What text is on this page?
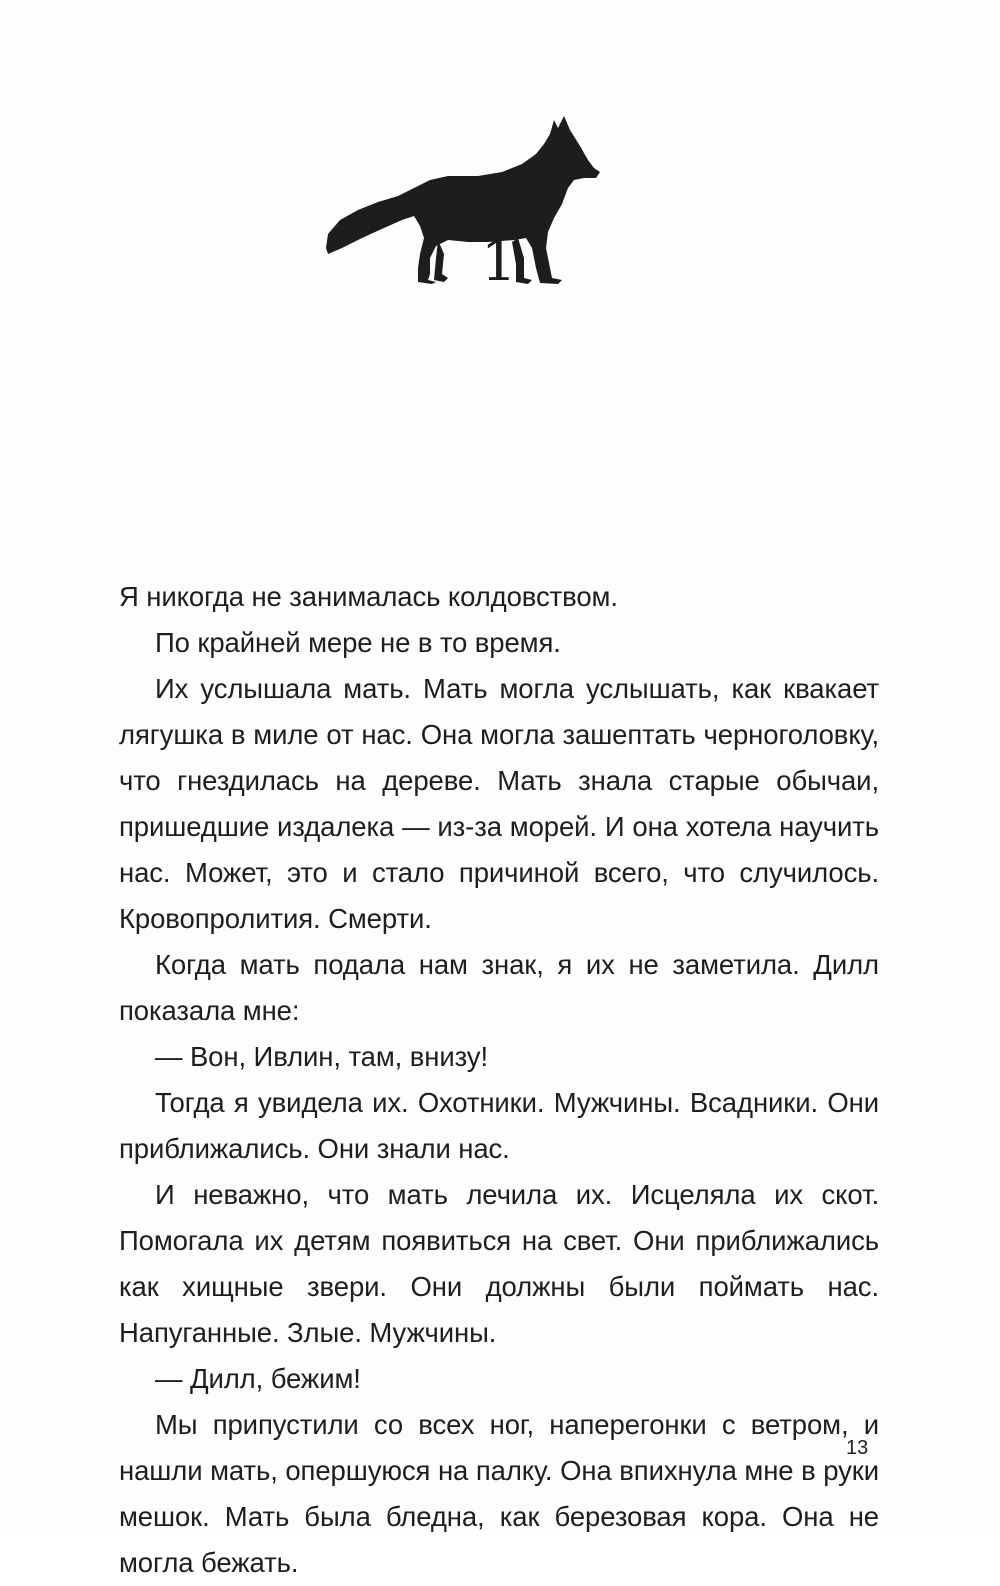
1

Я никогда не занималась колдовством.

По крайней мере не в то время.

Их услышала мать. Мать могла услышать, как квакает лягушка в миле от нас. Она могла зашептать черноголовку, что гнездилась на дереве. Мать знала старые обычаи, пришедшие издалека — из-за морей. И она хотела научить нас. Может, это и стало причиной всего, что случилось. Кровопролития. Смерти.

Когда мать подала нам знак, я их не заметила. Дилл показала мне:

— Вон, Ивлин, там, внизу!

Тогда я увидела их. Охотники. Мужчины. Всадники. Они приближались. Они знали нас.

И неважно, что мать лечила их. Исцеляла их скот. Помогала их детям появиться на свет. Они приближались как хищные звери. Они должны были поймать нас. Напуганные. Злые. Мужчины.

— Дилл, бежим!

Мы припустили со всех ног, наперегонки с ветром, и нашли мать, опершуюся на палку. Она впихнула мне в руки мешок. Мать была бледна, как березовая кора. Она не могла бежать.

13
